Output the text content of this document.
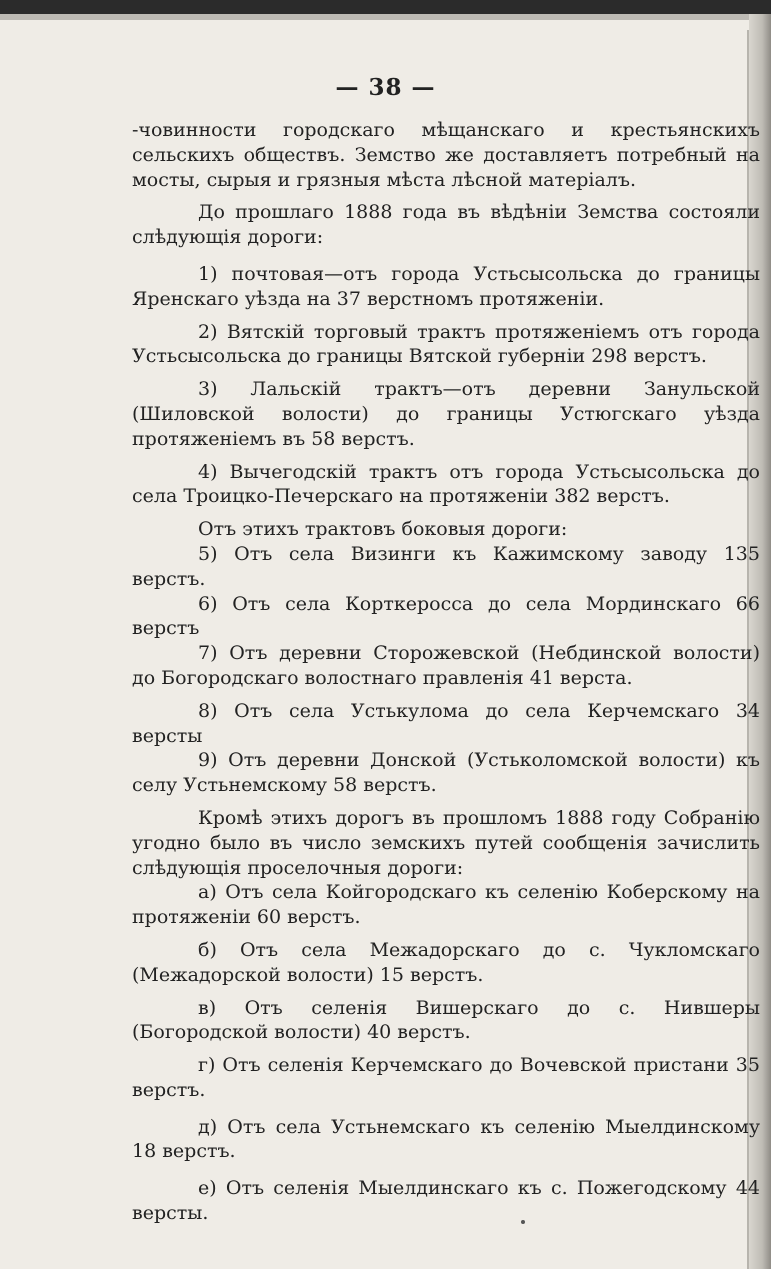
— 38 —

-човинности городскаго мѣщанскаго и крестьянскихъ сельскихъ обществъ. Земство же доставляетъ потребный на мосты, сырыя и грязныя мѣста лѣсной матеріалъ.

До прошлаго 1888 года въ вѣдѣніи Земства состояли слѣдующія дороги:

1) почтовая—отъ города Устьсысольска до границы Яренскаго уѣзда на 37 верстномъ протяженіи.

2) Вятскій торговый трактъ протяженіемъ отъ города Устьсысольска до границы Вятской губерніи 298 верстъ.

3) Лальскій трактъ—отъ деревни Занульской (Шиловской волости) до границы Устюгскаго уѣзда протяженіемъ въ 58 верстъ.

4) Вычегодскій трактъ отъ города Устьсысольска до села Троицко-Печерскаго на протяженіи 382 верстъ.

Отъ этихъ трактовъ боковыя дороги:

5) Отъ села Визинги къ Кажимскому заводу 135 верстъ.

6) Отъ села Корткеросса до села Мординскаго 66 верстъ

7) Отъ деревни Сторожевской (Небдинской волости) до Богородскаго волостнаго правленія 41 верста.

8) Отъ села Устькулома до села Керчемскаго 34 версты

9) Отъ деревни Донской (Устьколомской волости) къ селу Устьнемскому 58 верстъ.

Кромѣ этихъ дорогъ въ прошломъ 1888 году Собранію угодно было въ число земскихъ путей сообщенія зачислить слѣдующія проселочныя дороги:

а) Отъ села Койгородскаго къ селенію Коберскому на протяженіи 60 верстъ.

б) Отъ села Межадорскаго до с. Чукломскаго (Межадорской волости) 15 верстъ.

в) Отъ селенія Вишерскаго до с. Нившеры (Богородской волости) 40 верстъ.

г) Отъ селенія Керчемскаго до Вочевской пристани 35 верстъ.

д) Отъ села Устьнемскаго къ селенію Мыелдинскому 18 верстъ.

е) Отъ селенія Мыелдинскаго къ с. Пожегодскому 44 версты.
